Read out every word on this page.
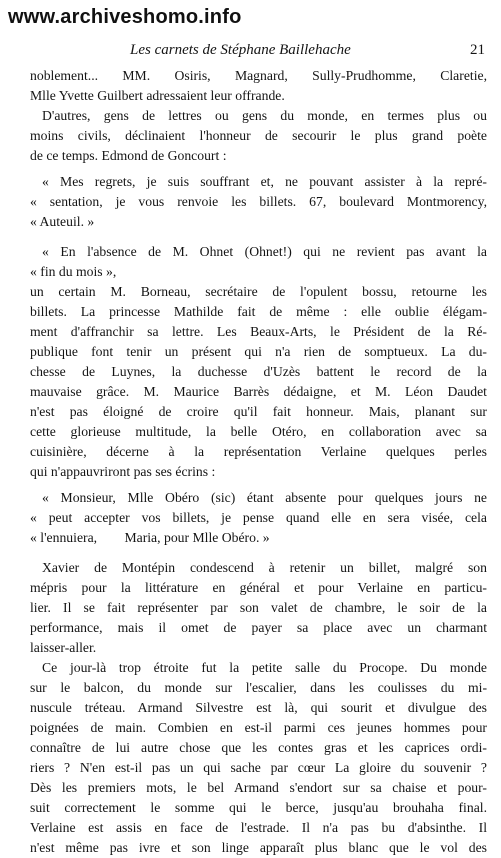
www.archiveshomo.info
Les carnets de Stéphane Baillehache	21

noblement... MM. Osiris, Magnard, Sully-Prudhomme, Claretie,
Mlle Yvette Guilbert adressaient leur offrande.

D'autres, gens de lettres ou gens du monde, en termes plus ou
moins civils, déclinaient l'honneur de secourir le plus grand poète
de ce temps. Edmond de Goncourt :

« Mes regrets, je suis souffrant et, ne pouvant assister à la repré-
« sentation, je vous renvoie les billets. 67, boulevard Montmorency,
« Auteuil. »

« En l'absence de M. Ohnet (Ohnet!) qui ne revient pas avant la
« fin du mois »,

un certain M. Borneau, secrétaire de l'opulent bossu, retourne les
billets. La princesse Mathilde fait de même : elle oublie élégam-
ment d'affranchir sa lettre. Les Beaux-Arts, le Président de la Ré-
publique font tenir un présent qui n'a rien de somptueux. La du-
chesse de Luynes, la duchesse d'Uzès battent le record de la
mauvaise grâce. M. Maurice Barrès dédaigne, et M. Léon Daudet
n'est pas éloigné de croire qu'il fait honneur. Mais, planant sur
cette glorieuse multitude, la belle Otéro, en collaboration avec sa
cuisinière, décerne à la représentation Verlaine quelques perles
qui n'appauvriront pas ses écrins :

« Monsieur, Mlle Obéro (sic) étant absente pour quelques jours ne
« peut accepter vos billets, je pense quand elle en sera visée, cela
« l'ennuiera,        Maria, pour Mlle Obéro. »

Xavier de Montépin condescend à retenir un billet, malgré son
mépris pour la littérature en général et pour Verlaine en particu-
lier. Il se fait représenter par son valet de chambre, le soir de la
performance, mais il omet de payer sa place avec un charmant
laisser-aller.

Ce jour-là trop étroite fut la petite salle du Procope. Du monde
sur le balcon, du monde sur l'escalier, dans les coulisses du mi-
nuscule tréteau. Armand Silvestre est là, qui sourit et divulgue des
poignées de main. Combien en est-il parmi ces jeunes hommes pour
connaître de lui autre chose que les contes gras et les caprices ordi-
riers ? N'en est-il pas un qui sache par cœur La gloire du souvenir ?
Dès les premiers mots, le bel Armand s'endort sur sa chaise et pour-
suit correctement le somme qui le berce, jusqu'au brouhaha final.
Verlaine est assis en face de l'estrade. Il n'a pas bu d'absinthe. Il
n'est même pas ivre et son linge apparaît plus blanc que le vol des
